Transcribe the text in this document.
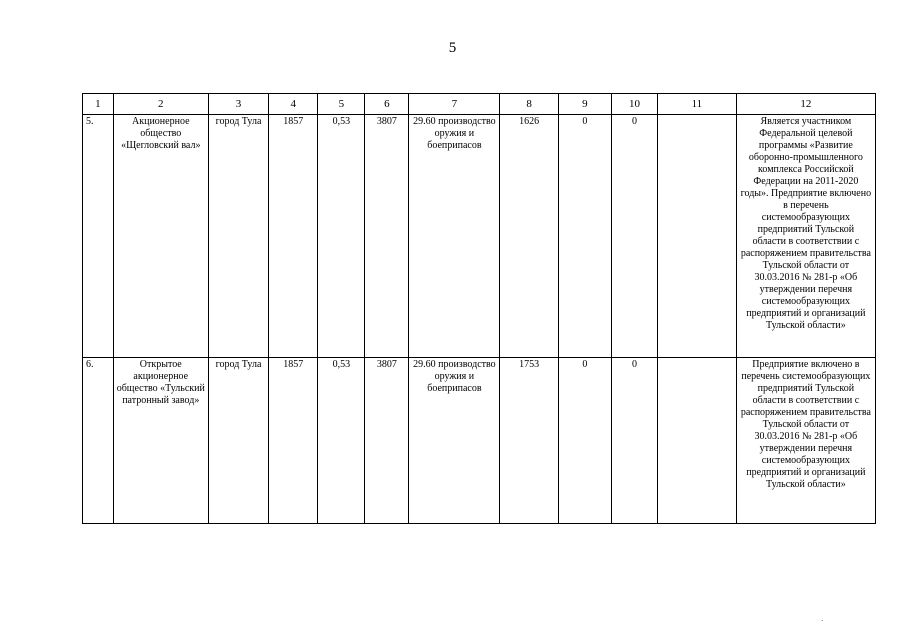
5
1	2	3	4	5	6	7	8	9	10	11	12
5.	Акционерное общество «Щегловский вал»	город Тула	1857	0,53	3807	29.60 производство оружия и боеприпасов	1626	0	0		Является участником Федеральной целевой программы «Развитие оборонно-промышленного комплекса Российской Федерации на 2011-2020 годы». Предприятие включено в перечень системообразующих предприятий Тульской области в соответствии с распоряжением правительства Тульской области от 30.03.2016 № 281-р «Об утверждении перечня системообразующих предприятий и организаций Тульской области»
6.	Открытое акционерное общество «Тульский патронный завод»	город Тула	1857	0,53	3807	29.60 производство оружия и боеприпасов	1753	0	0		Предприятие включено в перечень системообразующих предприятий Тульской области в соответствии с распоряжением правительства Тульской области от 30.03.2016 № 281-р «Об утверждении перечня системообразующих предприятий и организаций Тульской области»
·
